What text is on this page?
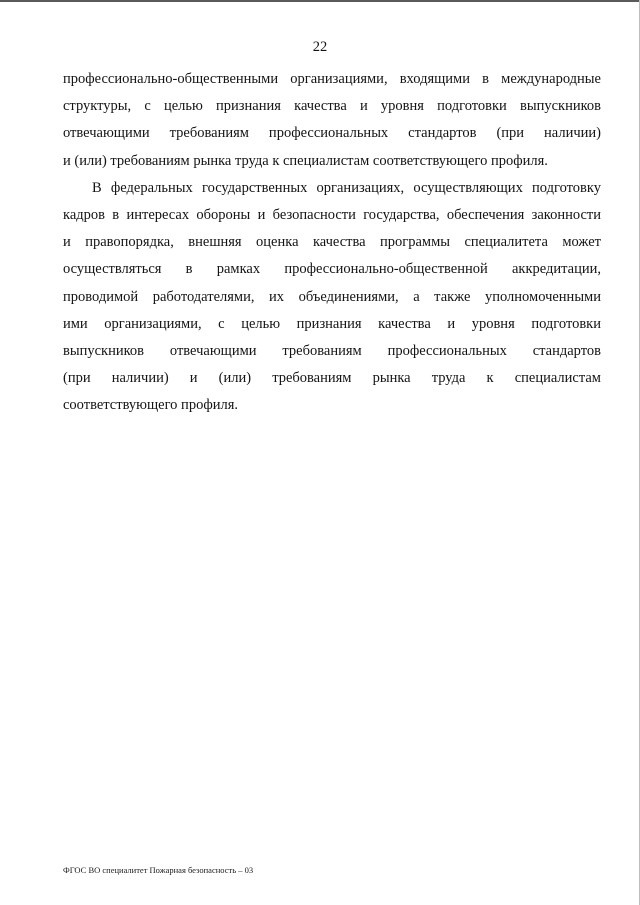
22

профессионально-общественными организациями, входящими в международные
структуры, с целью признания качества и уровня подготовки выпускников
отвечающими требованиям профессиональных стандартов (при наличии)
и (или) требованиям рынка труда к специалистам соответствующего профиля.

В федеральных государственных организациях, осуществляющих подготовку
кадров в интересах обороны и безопасности государства, обеспечения законности
и правопорядка, внешняя оценка качества программы специалитета может
осуществляться в рамках профессионально-общественной аккредитации,
проводимой работодателями, их объединениями, а также уполномоченными
ими организациями, с целью признания качества и уровня подготовки
выпускников отвечающими требованиям профессиональных стандартов
(при наличии) и (или) требованиям рынка труда к специалистам
соответствующего профиля.

ФГОС ВО специалитет Пожарная безопасность – 03
